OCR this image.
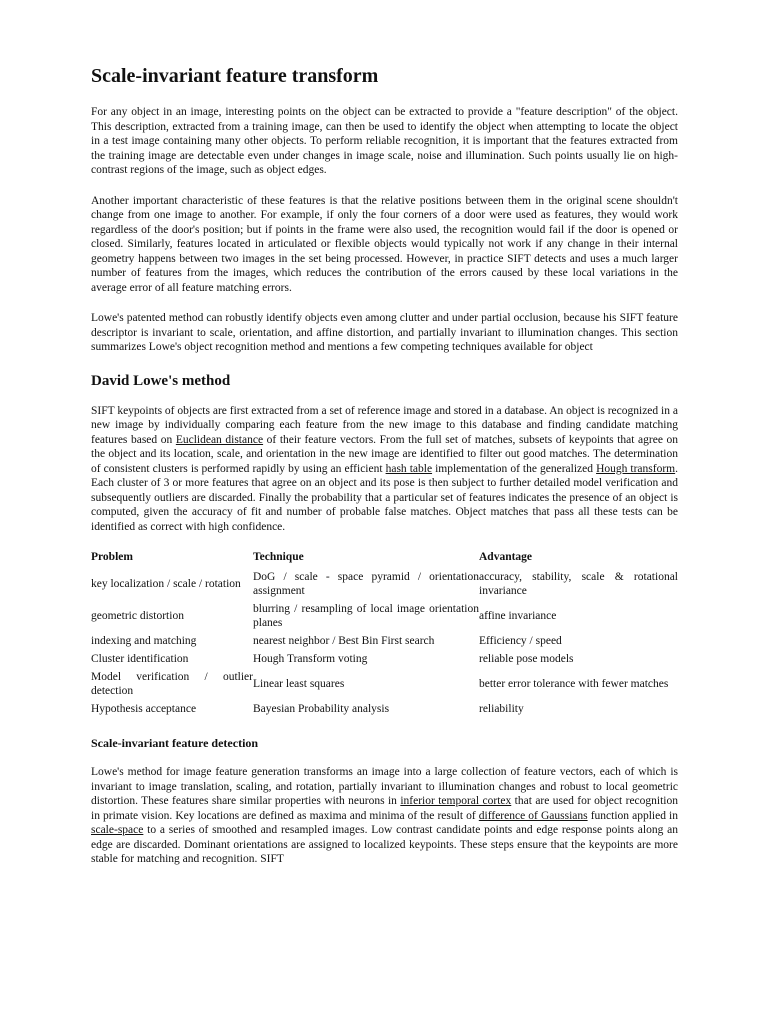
Scale-invariant feature transform

For any object in an image, interesting points on the object can be extracted to provide a "feature description" of the object. This description, extracted from a training image, can then be used to identify the object when attempting to locate the object in a test image containing many other objects. To perform reliable recognition, it is important that the features extracted from the training image are detectable even under changes in image scale, noise and illumination. Such points usually lie on high-contrast regions of the image, such as object edges.

Another important characteristic of these features is that the relative positions between them in the original scene shouldn't change from one image to another. For example, if only the four corners of a door were used as features, they would work regardless of the door's position; but if points in the frame were also used, the recognition would fail if the door is opened or closed. Similarly, features located in articulated or flexible objects would typically not work if any change in their internal geometry happens between two images in the set being processed. However, in practice SIFT detects and uses a much larger number of features from the images, which reduces the contribution of the errors caused by these local variations in the average error of all feature matching errors.

Lowe's patented method can robustly identify objects even among clutter and under partial occlusion, because his SIFT feature descriptor is invariant to scale, orientation, and affine distortion, and partially invariant to illumination changes. This section summarizes Lowe's object recognition method and mentions a few competing techniques available for object

David Lowe's method

SIFT keypoints of objects are first extracted from a set of reference image and stored in a database. An object is recognized in a new image by individually comparing each feature from the new image to this database and finding candidate matching features based on Euclidean distance of their feature vectors. From the full set of matches, subsets of keypoints that agree on the object and its location, scale, and orientation in the new image are identified to filter out good matches. The determination of consistent clusters is performed rapidly by using an efficient hash table implementation of the generalized Hough transform. Each cluster of 3 or more features that agree on an object and its pose is then subject to further detailed model verification and subsequently outliers are discarded. Finally the probability that a particular set of features indicates the presence of an object is computed, given the accuracy of fit and number of probable false matches. Object matches that pass all these tests can be identified as correct with high confidence.

Problem	Technique	Advantage
key localization / scale / rotation	DoG / scale - space pyramid / orientation assignment	accuracy, stability, scale & rotational invariance
geometric distortion	blurring / resampling of local image orientation planes	affine invariance
indexing and matching	nearest neighbor / Best Bin First search	Efficiency / speed
Cluster identification	Hough Transform voting	reliable pose models
Model verification / outlier detection	Linear least squares	better error tolerance with fewer matches
Hypothesis acceptance	Bayesian Probability analysis	reliability
Scale-invariant feature detection

Lowe's method for image feature generation transforms an image into a large collection of feature vectors, each of which is invariant to image translation, scaling, and rotation, partially invariant to illumination changes and robust to local geometric distortion. These features share similar properties with neurons in inferior temporal cortex that are used for object recognition in primate vision. Key locations are defined as maxima and minima of the result of difference of Gaussians function applied in scale-space to a series of smoothed and resampled images. Low contrast candidate points and edge response points along an edge are discarded. Dominant orientations are assigned to localized keypoints. These steps ensure that the keypoints are more stable for matching and recognition. SIFT
